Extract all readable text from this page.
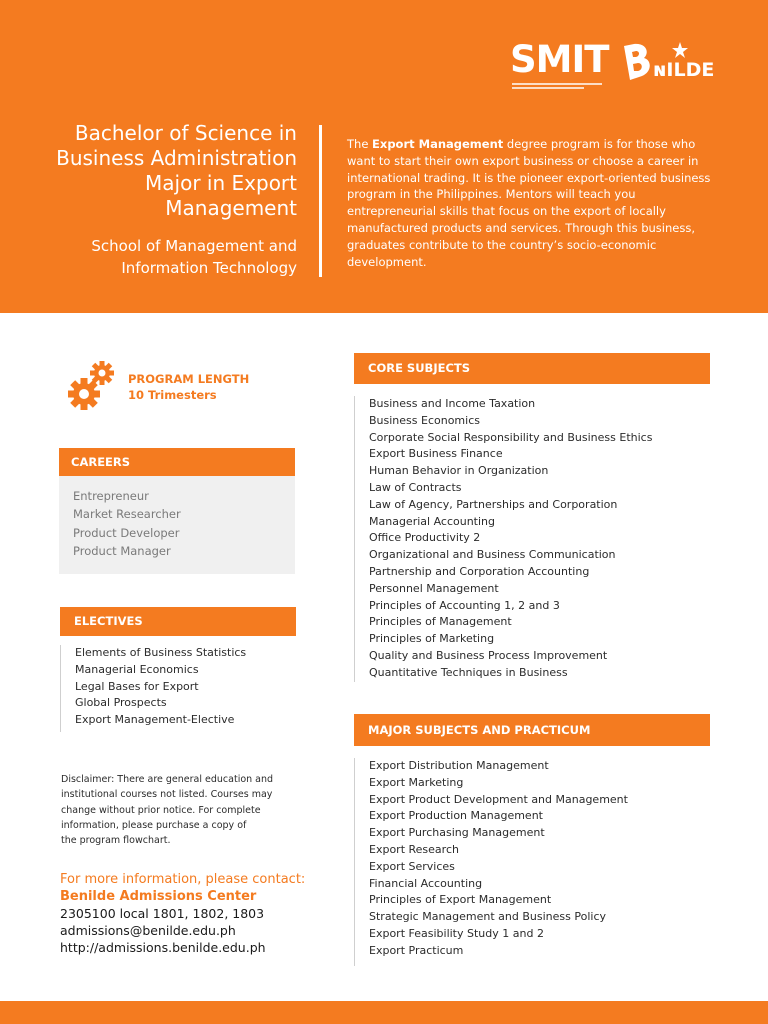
SMIT ɴILDE
Bachelor of Science in
Business Administration
Major in Export
Management
School of Management and
Information Technology
The Export Management degree program is for those who want to start their own export business or choose a career in international trading. It is the pioneer export-oriented business program in the Philippines. Mentors will teach you entrepreneurial skills that focus on the export of locally manufactured products and services. Through this business, graduates contribute to the country’s socio-economic development.
PROGRAM LENGTH
10 Trimesters
CAREERS
Entrepreneur
Market Researcher
Product Developer
Product Manager
ELECTIVES
Elements of Business Statistics
Managerial Economics
Legal Bases for Export
Global Prospects
Export Management-Elective
Disclaimer: There are general education and
institutional courses not listed. Courses may
change without prior notice. For complete
information, please purchase a copy of
the program flowchart.
For more information, please contact:
Benilde Admissions Center
2305100 local 1801, 1802, 1803
admissions@benilde.edu.ph
http://admissions.benilde.edu.ph
CORE SUBJECTS
Business and Income Taxation
Business Economics
Corporate Social Responsibility and Business Ethics
Export Business Finance
Human Behavior in Organization
Law of Contracts
Law of Agency, Partnerships and Corporation
Managerial Accounting
Office Productivity 2
Organizational and Business Communication
Partnership and Corporation Accounting
Personnel Management
Principles of Accounting 1, 2 and 3
Principles of Management
Principles of Marketing
Quality and Business Process Improvement
Quantitative Techniques in Business
MAJOR SUBJECTS AND PRACTICUM
Export Distribution Management
Export Marketing
Export Product Development and Management
Export Production Management
Export Purchasing Management
Export Research
Export Services
Financial Accounting
Principles of Export Management
Strategic Management and Business Policy
Export Feasibility Study 1 and 2
Export Practicum
